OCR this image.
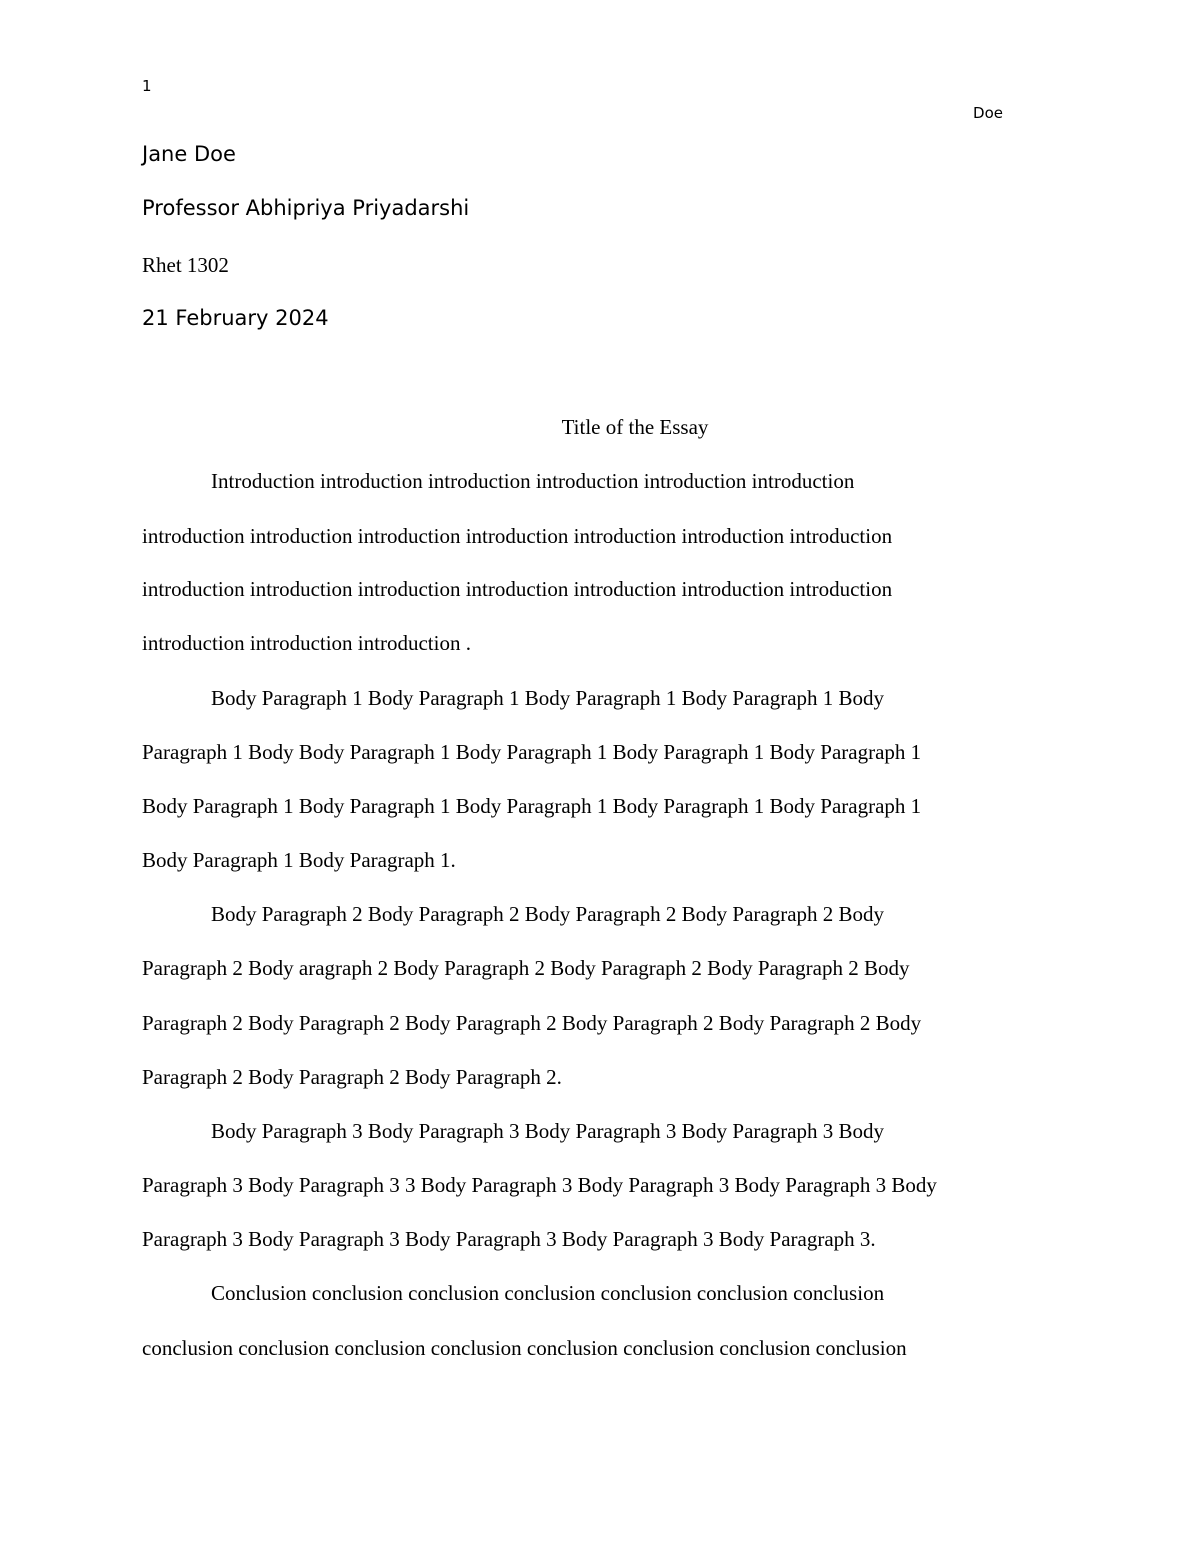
1
Doe
Jane Doe
Professor Abhipriya Priyadarshi
Rhet 1302
21 February 2024
Title of the Essay
Introduction introduction introduction introduction introduction introduction
introduction introduction introduction introduction introduction introduction introduction
introduction introduction introduction introduction introduction introduction introduction
introduction introduction introduction .
Body Paragraph 1 Body Paragraph 1 Body Paragraph 1 Body Paragraph 1 Body
Paragraph 1 Body Body Paragraph 1 Body Paragraph 1 Body Paragraph 1 Body Paragraph 1
Body Paragraph 1 Body Paragraph 1 Body Paragraph 1 Body Paragraph 1 Body Paragraph 1
Body Paragraph 1 Body Paragraph 1.
Body Paragraph 2 Body Paragraph 2 Body Paragraph 2 Body Paragraph 2 Body
Paragraph 2 Body aragraph 2 Body Paragraph 2 Body Paragraph 2 Body Paragraph 2 Body
Paragraph 2 Body Paragraph 2 Body Paragraph 2 Body Paragraph 2 Body Paragraph 2 Body
Paragraph 2 Body Paragraph 2 Body Paragraph 2.
Body Paragraph 3 Body Paragraph 3 Body Paragraph 3 Body Paragraph 3 Body
Paragraph 3 Body Paragraph 3 3 Body Paragraph 3 Body Paragraph 3 Body Paragraph 3 Body
Paragraph 3 Body Paragraph 3 Body Paragraph 3 Body Paragraph 3 Body Paragraph 3.
Conclusion conclusion conclusion conclusion conclusion conclusion conclusion
conclusion conclusion conclusion conclusion conclusion conclusion conclusion conclusion
